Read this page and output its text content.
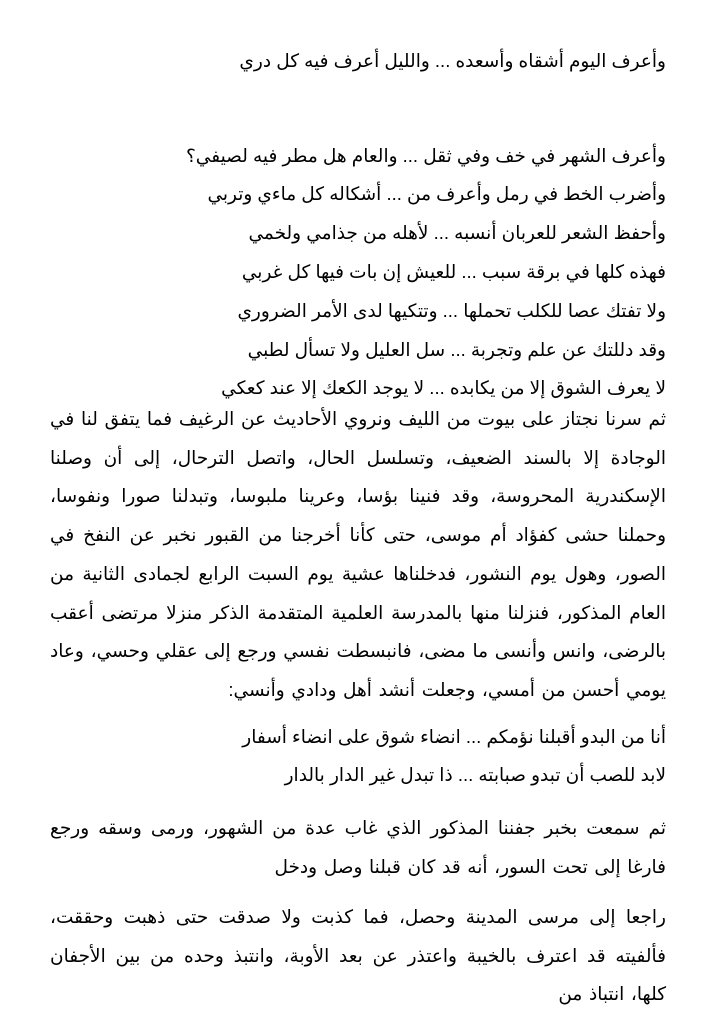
وأعرف اليوم أشقاه وأسعده ... والليل أعرف فيه كل دري
وأعرف الشهر في خف وفي ثقل ... والعام هل مطر فيه لصيفي؟
وأضرب الخط في رمل وأعرف من ... أشكاله كل ماءي وتربي
وأحفظ الشعر للعربان أنسبه ... لأهله من جذامي ولخمي
فهذه كلها في برقة سبب ... للعيش إن بات فيها كل غربي
ولا تفتك عصا للكلب تحملها ... وتتكيها لدى الأمر الضروري
وقد دللتك عن علم وتجربة ... سل العليل ولا تسأل لطبي
لا يعرف الشوق إلا من يكابده ... لا يوجد الكعك إلا عند كعكي
ثم سرنا نجتاز على بيوت من الليف ونروي الأحاديث عن الرغيف فما يتفق لنا في الوجادة إلا بالسند الضعيف، وتسلسل الحال، واتصل الترحال، إلى أن وصلنا الإسكندرية المحروسة، وقد فنينا بؤسا، وعرينا ملبوسا، وتبدلنا صورا ونفوسا، وحملنا حشى كفؤاد أم موسى، حتى كأنا أخرجنا من القبور نخبر عن النفخ في الصور، وهول يوم النشور، فدخلناها عشية يوم السبت الرابع لجمادى الثانية من العام المذكور، فنزلنا منها بالمدرسة العلمية المتقدمة الذكر منزلا مرتضى أعقب بالرضى، وانس وأنسى ما مضى، فانبسطت نفسي ورجع إلى عقلي وحسي، وعاد يومي أحسن من أمسي، وجعلت أنشد أهل ودادي وأنسي:
أنا من البدو أقبلنا نؤمكم ... انضاء شوق على انضاء أسفار
لابد للصب أن تبدو صبابته ... ذا تبدل غير الدار بالدار
ثم سمعت بخبر جفننا المذكور الذي غاب عدة من الشهور، ورمى وسقه ورجع فارغا إلى تحت السور، أنه قد كان قبلنا وصل ودخل
راجعا إلى مرسى المدينة وحصل، فما كذبت ولا صدقت حتى ذهبت وحققت، فألفيته قد اعترف بالخيبة واعتذر عن بعد الأوبة، وانتبذ وحده من بين الأجفان كلها، انتباذ من
